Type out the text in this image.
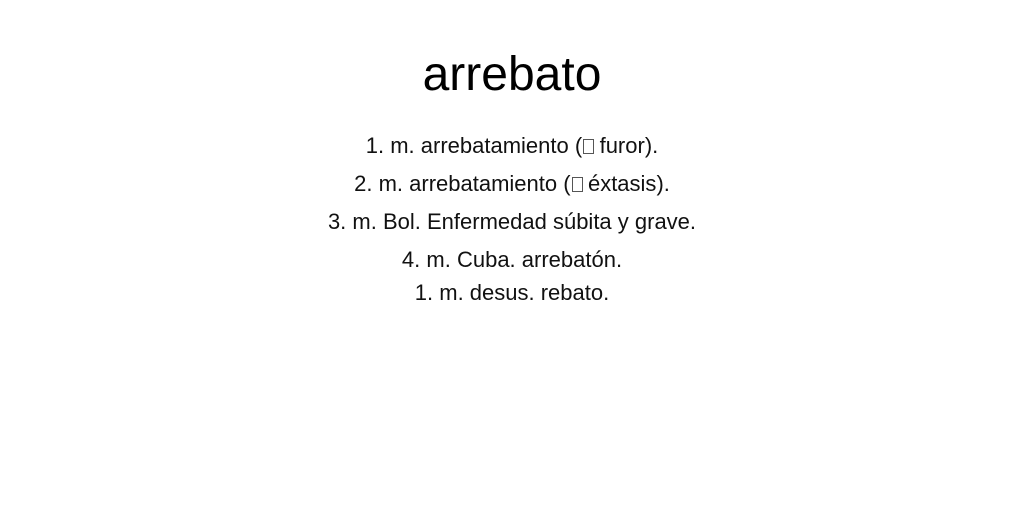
arrebato
1. m. arrebatamiento (  furor).
2. m. arrebatamiento (  éxtasis).
3. m. Bol. Enfermedad súbita y grave.
4. m. Cuba. arrebatón.
1. m. desus. rebato.
